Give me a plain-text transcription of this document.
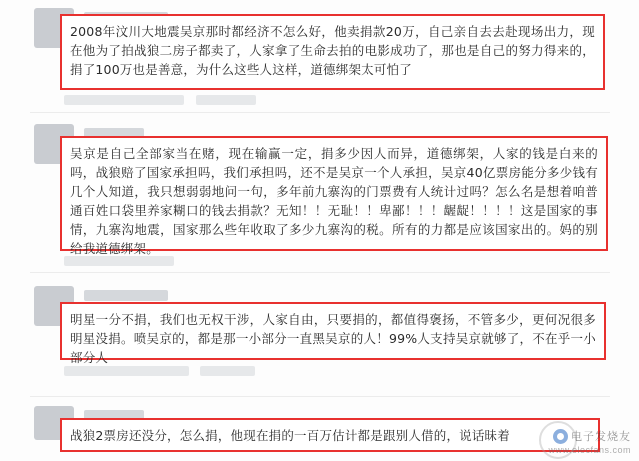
2008年汶川大地震吴京那时都经济不怎么好，他卖捐款20万，自己亲自去去赴现场出力，现在他为了拍战狼二房子都卖了，人家拿了生命去拍的电影成功了，那也是自己的努力得来的，捐了100万也是善意，为什么这些人这样，道德绑架太可怕了
吴京是自己全部家当在赌，现在输赢一定，捐多少因人而异，道德绑架，人家的钱是白来的吗，战狼赔了国家承担吗，我们承担吗，还不是吴京一个人承担，吴京40亿票房能分多少钱有几个人知道，我只想弱弱地问一句，多年前九寨沟的门票费有人统计过吗？怎么名是想着咱普通百姓口袋里养家糊口的钱去捐款？无知！！无耻！！卑鄙！！！龌龊！！！！这是国家的事情，九寨沟地震，国家那么些年收取了多少九寨沟的税。所有的力都是应该国家出的。妈的别给我道德绑架。
明星一分不捐，我们也无权干涉，人家自由，只要捐的，都值得褒扬，不管多少，更何况很多明星没捐。喷吴京的，都是那一小部分一直黑吴京的人！99%人支持吴京就够了，不在乎一小部分人
战狼2票房还没分，怎么捐，他现在捐的一百万估计都是跟别人借的，说话昧着	电子发烧友
www.elecfans.com
